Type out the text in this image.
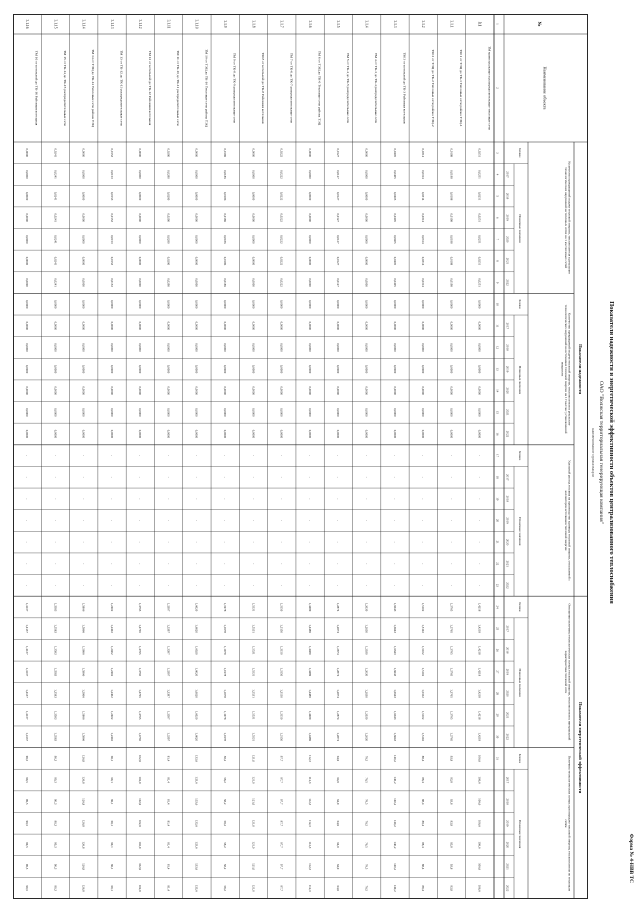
Форма № 4-НВВ ТС
Показатели надежности и энергетической эффективности объектов централизованного теплоснабжения
ОАО "Волжская территориальная генерирующая компания"
наименование организации
№
Наименование объекта
Показатели надежности
Показатели энергетической эффективности
Количество прекращений подачи тепловой энергии, теплоносителя в результатетехнологических нарушений на тепловых сетях на 1 км тепловых сетей
Базовое
Плановые значения
2017
2018
2019
2020
2021
2022
Количество прекращений подачи тепловой энергии, теплоносителя в результатетехнологических нарушений на источниках тепловой энергии на 1 Гкал/час установленноймощности
Базовое
Плановые значения
2017
2018
2019
2020
2021
2022
Удельный расход топлива на производство единицы тепловой энергии, отпускаемой сколлекторов источников тепловой энергии
Базовое
Плановые значения
2017
2018
2019
2020
2021
2022
Отношение величины технологических потерь тепловой энергии, теплоносителя к материальнойхарактеристике тепловой сети
Базовое
Плановые значения
2017
2018
2019
2020
2021
2022
Величина технологических потерь при передаче тепловой энергии, теплоносителя по тепловымсетям
Базовое
Плановые значения
2017
2018
2019
2020
2021
2022
1
2
3
4
5
6
7
8
9
10
11
12
13
14
15
16
17
18
19
20
21
22
23
24
25
26
27
28
29
30
31
3.1
ТМ магистральные и распределительные тепловые сети
0,0251
0,0251
0,0251
0,0251
0,0251
0,0251
0,0251
0,0000
0,0000
0,0000
0,0000
0,0000
0,0000
0,0000
-
-
-
-
-
-
-
1,4218
1,4218
1,4218
1,4218
1,4218
1,4218
1,4218
106,6
106,6
106,6
106,6
106,6
106,6
106,6
3.1.1
ТМ 1 от ТЭЦ до ТК-1 Тепловые сети района ТЭЦ-1
0,0198
0,0198
0,0198
0,0198
0,0198
0,0198
0,0198
0,0000
0,0000
0,0000
0,0000
0,0000
0,0000
0,0000
-
-
-
-
-
-
-
1,3765
1,3765
1,3765
1,3765
1,3765
1,3765
1,3765
93,8
93,8
93,8
93,8
93,8
93,8
93,8
3.1.2
ТМ 2 от ТЭЦ до ТК-2 Тепловые сети района ТЭЦ-2
0,0314
0,0314
0,0314
0,0314
0,0314
0,0314
0,0314
0,0000
0,0000
0,0000
0,0000
0,0000
0,0000
0,0000
-
-
-
-
-
-
-
1,5102
1,5102
1,5102
1,5102
1,5102
1,5102
1,5102
88,4
88,4
88,4
88,4
88,4
88,4
88,4
3.1.3
ТМ 3 от котельной до ТК-3 Районная котельная
0,0405
0,0405
0,0405
0,0405
0,0405
0,0405
0,0405
0,0000
0,0000
0,0000
0,0000
0,0000
0,0000
0,0000
-
-
-
-
-
-
-
1,6643
1,6643
1,6643
1,6643
1,6643
1,6643
1,6643
140,2
140,2
140,2
140,2
140,2
140,2
140,2
3.1.4
ТМ 4 от ТК-3 до ТК-4 распределительные сети
0,0000
0,0000
0,0000
0,0000
0,0000
0,0000
0,0000
0,0000
0,0000
0,0000
0,0000
0,0000
0,0000
0,0000
-
-
-
-
-
-
-
1,2030
1,2030
1,2030
1,2030
1,2030
1,2030
1,2030
76,5
76,5
76,5
76,5
76,5
76,5
76,5
3.1.5
ТМ 5 от ТК-4 до ТК-5 распределительные сети
0,0127
0,0127
0,0127
0,0127
0,0127
0,0127
0,0127
0,0000
0,0000
0,0000
0,0000
0,0000
0,0000
0,0000
-
-
-
-
-
-
-
1,2874
1,2874
1,2874
1,2874
1,2874
1,2874
1,2874
64,9
64,9
64,9
64,9
64,9
64,9
64,9
3.1.6
ТМ 6 от ТЭЦ до ТК-6 Тепловые сети района ТЭЦ
0,0000
0,0000
0,0000
0,0000
0,0000
0,0000
0,0000
0,0000
0,0000
0,0000
0,0000
0,0000
0,0000
0,0000
-
-
-
-
-
-
-
1,4489
1,4489
1,4489
1,4489
1,4489
1,4489
1,4489
112,3
112,3
112,3
112,3
112,3
112,3
112,3
3.1.7
ТМ 7 от ТК-6 до ТК-7 распределительные сети
0,0222
0,0222
0,0222
0,0222
0,0222
0,0222
0,0222
0,0000
0,0000
0,0000
0,0000
0,0000
0,0000
0,0000
-
-
-
-
-
-
-
1,3150
1,3150
1,3150
1,3150
1,3150
1,3150
1,3150
97,7
97,7
97,7
97,7
97,7
97,7
97,7
3.1.8
ТМ 8 от котельной до ТК-8 Районная котельная
0,0000
0,0000
0,0000
0,0000
0,0000
0,0000
0,0000
0,0000
0,0000
0,0000
0,0000
0,0000
0,0000
0,0000
-
-
-
-
-
-
-
1,5531
1,5531
1,5531
1,5531
1,5531
1,5531
1,5531
121,0
121,0
121,0
121,0
121,0
121,0
121,0
3.1.9
ТМ 9 от ТК-8 до ТК-9 распределительные сети
0,0186
0,0186
0,0186
0,0186
0,0186
0,0186
0,0186
0,0000
0,0000
0,0000
0,0000
0,0000
0,0000
0,0000
-
-
-
-
-
-
-
1,1978
1,1978
1,1978
1,1978
1,1978
1,1978
1,1978
58,2
58,2
58,2
58,2
58,2
58,2
58,2
3.1.10
ТМ 10 от ТЭЦ до ТК-10 Тепловые сети района ТЭЦ
0,0000
0,0000
0,0000
0,0000
0,0000
0,0000
0,0000
0,0000
0,0000
0,0000
0,0000
0,0000
0,0000
0,0000
-
-
-
-
-
-
-
1,6020
1,6020
1,6020
1,6020
1,6020
1,6020
1,6020
133,6
133,6
133,6
133,6
133,6
133,6
133,6
3.1.11
ТМ 11 от ТК-10 до ТК-11 распределительные сети
0,0290
0,0290
0,0290
0,0290
0,0290
0,0290
0,0290
0,0000
0,0000
0,0000
0,0000
0,0000
0,0000
0,0000
-
-
-
-
-
-
-
1,3397
1,3397
1,3397
1,3397
1,3397
1,3397
1,3397
81,4
81,4
81,4
81,4
81,4
81,4
81,4
3.1.12
ТМ 12 от котельной до ТК-12 Районная котельная
0,0000
0,0000
0,0000
0,0000
0,0000
0,0000
0,0000
0,0000
0,0000
0,0000
0,0000
0,0000
0,0000
0,0000
-
-
-
-
-
-
-
1,4765
1,4765
1,4765
1,4765
1,4765
1,4765
1,4765
102,9
102,9
102,9
102,9
102,9
102,9
102,9
3.1.13
ТМ 13 от ТК-12 до ТК-13 распределительные сети
0,0153
0,0153
0,0153
0,0153
0,0153
0,0153
0,0153
0,0000
0,0000
0,0000
0,0000
0,0000
0,0000
0,0000
-
-
-
-
-
-
-
1,2402
1,2402
1,2402
1,2402
1,2402
1,2402
1,2402
69,1
69,1
69,1
69,1
69,1
69,1
69,1
3.1.14
ТМ 14 от ТЭЦ до ТК-14 Тепловые сети района ТЭЦ
0,0000
0,0000
0,0000
0,0000
0,0000
0,0000
0,0000
0,0000
0,0000
0,0000
0,0000
0,0000
0,0000
0,0000
-
-
-
-
-
-
-
1,5866
1,5866
1,5866
1,5866
1,5866
1,5866
1,5866
126,8
126,8
126,8
126,8
126,8
126,8
126,8
3.1.15
ТМ 15 от ТК-14 до ТК-15 распределительные сети
0,0241
0,0241
0,0241
0,0241
0,0241
0,0241
0,0241
0,0000
0,0000
0,0000
0,0000
0,0000
0,0000
0,0000
-
-
-
-
-
-
-
1,3583
1,3583
1,3583
1,3583
1,3583
1,3583
1,3583
90,3
90,3
90,3
90,3
90,3
90,3
90,3
3.1.16
ТМ 16 от котельной до ТК-16 Районная котельная
0,0000
0,0000
0,0000
0,0000
0,0000
0,0000
0,0000
0,0000
0,0000
0,0000
0,0000
0,0000
0,0000
0,0000
-
-
-
-
-
-
-
1,4137
1,4137
1,4137
1,4137
1,4137
1,4137
1,4137
99,5
99,5
99,5
99,5
99,5
99,5
99,5
